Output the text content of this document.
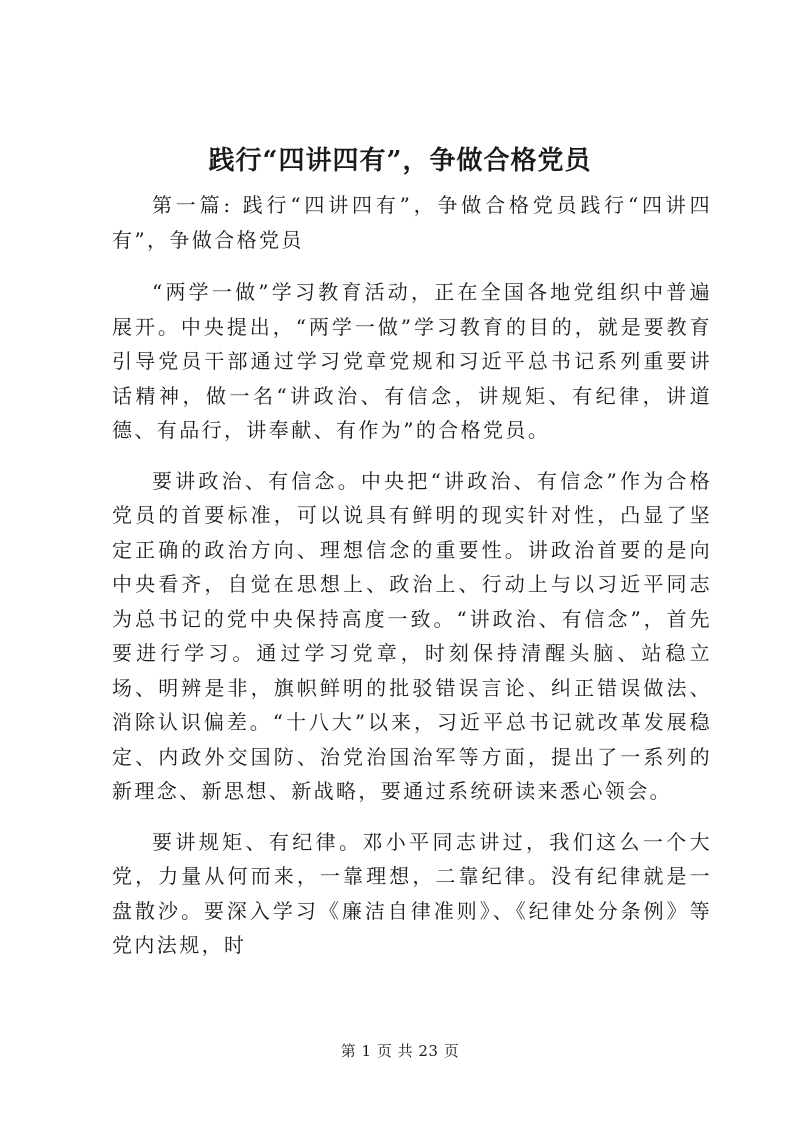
践行“四讲四有”，争做合格党员

第一篇: 践行“四讲四有”，争做合格党员践行“四讲四有”，争做合格党员

“两学一做”学习教育活动，正在全国各地党组织中普遍展开。中央提出，“两学一做”学习教育的目的，就是要教育引导党员干部通过学习党章党规和习近平总书记系列重要讲话精神，做一名“讲政治、有信念，讲规矩、有纪律，讲道德、有品行，讲奉献、有作为”的合格党员。

要讲政治、有信念。中央把“讲政治、有信念”作为合格党员的首要标准，可以说具有鲜明的现实针对性，凸显了坚定正确的政治方向、理想信念的重要性。讲政治首要的是向中央看齐，自觉在思想上、政治上、行动上与以习近平同志为总书记的党中央保持高度一致。“讲政治、有信念”，首先要进行学习。通过学习党章，时刻保持清醒头脑、站稳立场、明辨是非，旗帜鲜明的批驳错误言论、纠正错误做法、消除认识偏差。“十八大”以来，习近平总书记就改革发展稳定、内政外交国防、治党治国治军等方面，提出了一系列的新理念、新思想、新战略，要通过系统研读来悉心领会。

要讲规矩、有纪律。邓小平同志讲过，我们这么一个大党，力量从何而来，一靠理想，二靠纪律。没有纪律就是一盘散沙。要深入学习《廉洁自律准则》、《纪律处分条例》等党内法规，时

第 1 页 共 23 页
